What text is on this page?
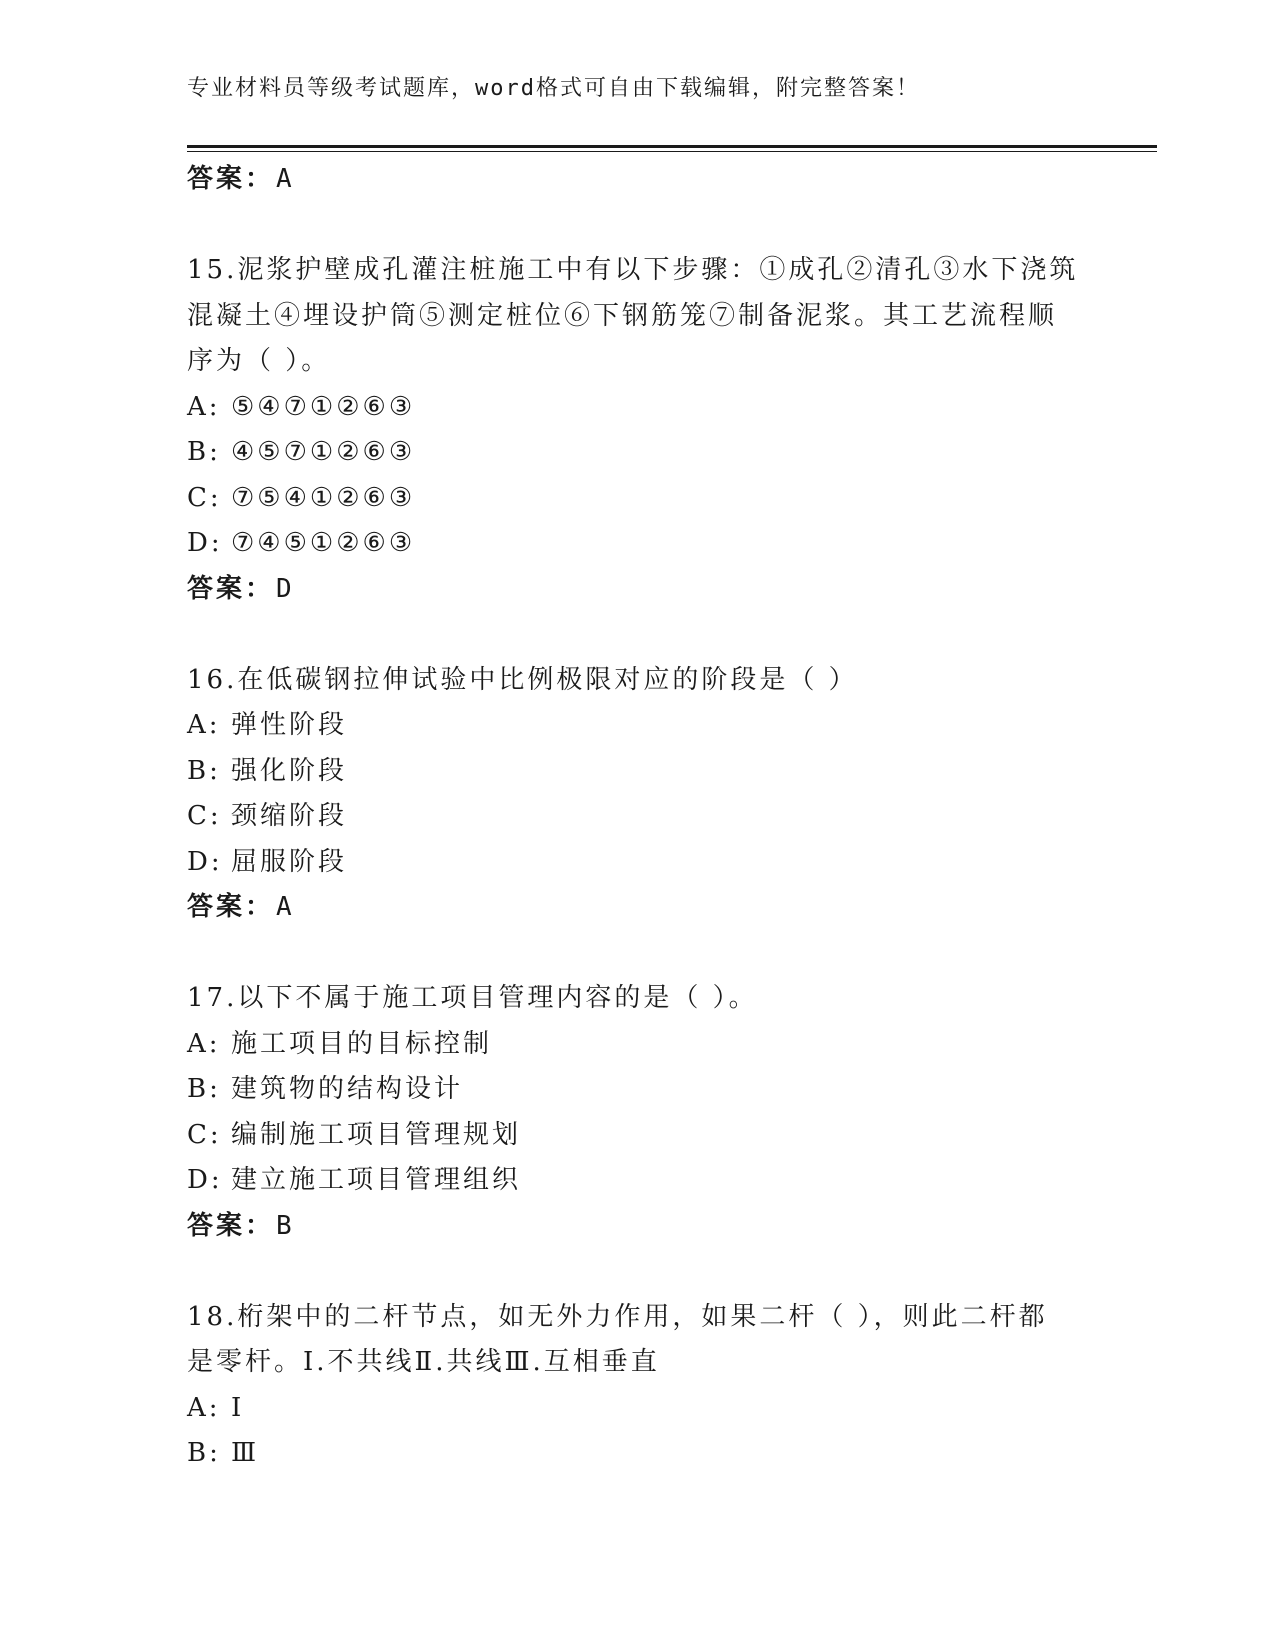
专业材料员等级考试题库，word格式可自由下载编辑，附完整答案！
答案：A
15.泥浆护壁成孔灌注桩施工中有以下步骤：①成孔②清孔③水下浇筑
混凝土④埋设护筒⑤测定桩位⑥下钢筋笼⑦制备泥浆。其工艺流程顺
序为（ ）。
A: ⑤④⑦①②⑥③
B: ④⑤⑦①②⑥③
C: ⑦⑤④①②⑥③
D: ⑦④⑤①②⑥③
答案：D
16.在低碳钢拉伸试验中比例极限对应的阶段是（ ）
A: 弹性阶段
B: 强化阶段
C: 颈缩阶段
D: 屈服阶段
答案：A
17.以下不属于施工项目管理内容的是（ ）。
A: 施工项目的目标控制
B: 建筑物的结构设计
C: 编制施工项目管理规划
D: 建立施工项目管理组织
答案：B
18.桁架中的二杆节点，如无外力作用，如果二杆（ ），则此二杆都
是零杆。I.不共线Ⅱ.共线Ⅲ.互相垂直
A: I
B: Ⅲ
